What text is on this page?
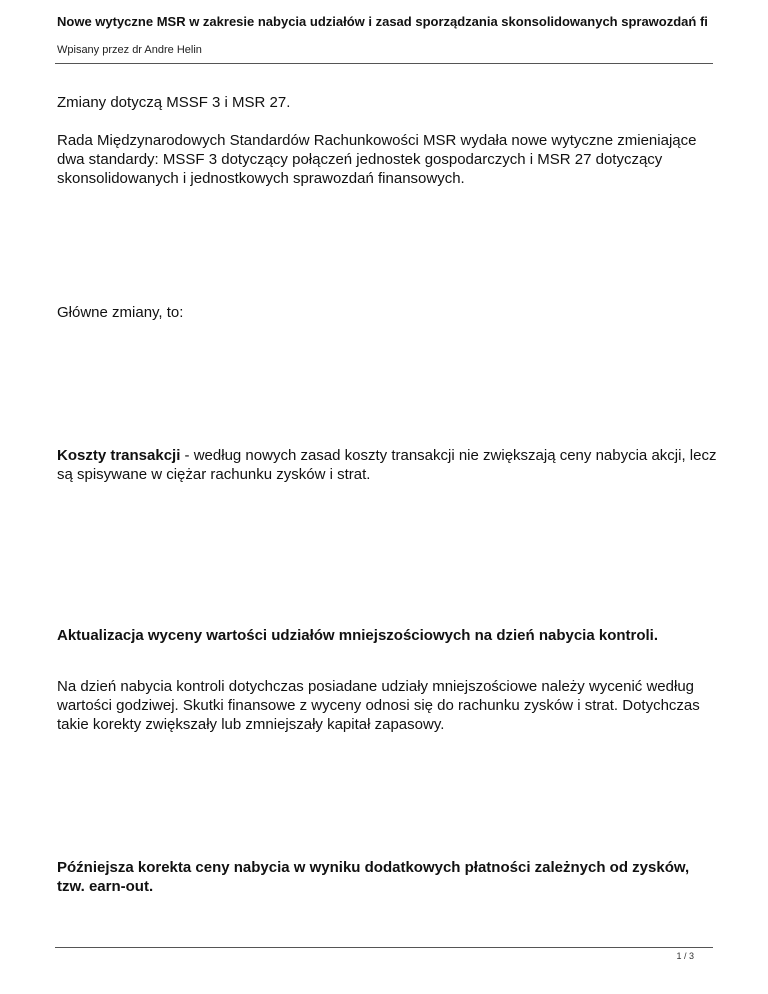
Nowe wytyczne MSR w zakresie nabycia udziałów i zasad sporządzania skonsolidowanych sprawozdań fi
Wpisany przez dr Andre Helin

Zmiany dotyczą MSSF 3 i MSR 27.

Rada Międzynarodowych Standardów Rachunkowości MSR wydała nowe wytyczne zmieniające dwa standardy: MSSF 3 dotyczący połączeń jednostek gospodarczych i MSR 27 dotyczący skonsolidowanych i jednostkowych sprawozdań finansowych.

Główne zmiany, to:

Koszty transakcji - według nowych zasad koszty transakcji nie zwiększają ceny nabycia akcji, lecz są spisywane w ciężar rachunku zysków i strat.

Aktualizacja wyceny wartości udziałów mniejszościowych na dzień nabycia kontroli.

Na dzień nabycia kontroli dotychczas posiadane udziały mniejszościowe należy wycenić według wartości godziwej. Skutki finansowe z wyceny odnosi się do rachunku zysków i strat. Dotychczas takie korekty zwiększały lub zmniejszały kapitał zapasowy.

Późniejsza korekta ceny nabycia w wyniku dodatkowych płatności zależnych od zysków, tzw. earn-out.

1 / 3
